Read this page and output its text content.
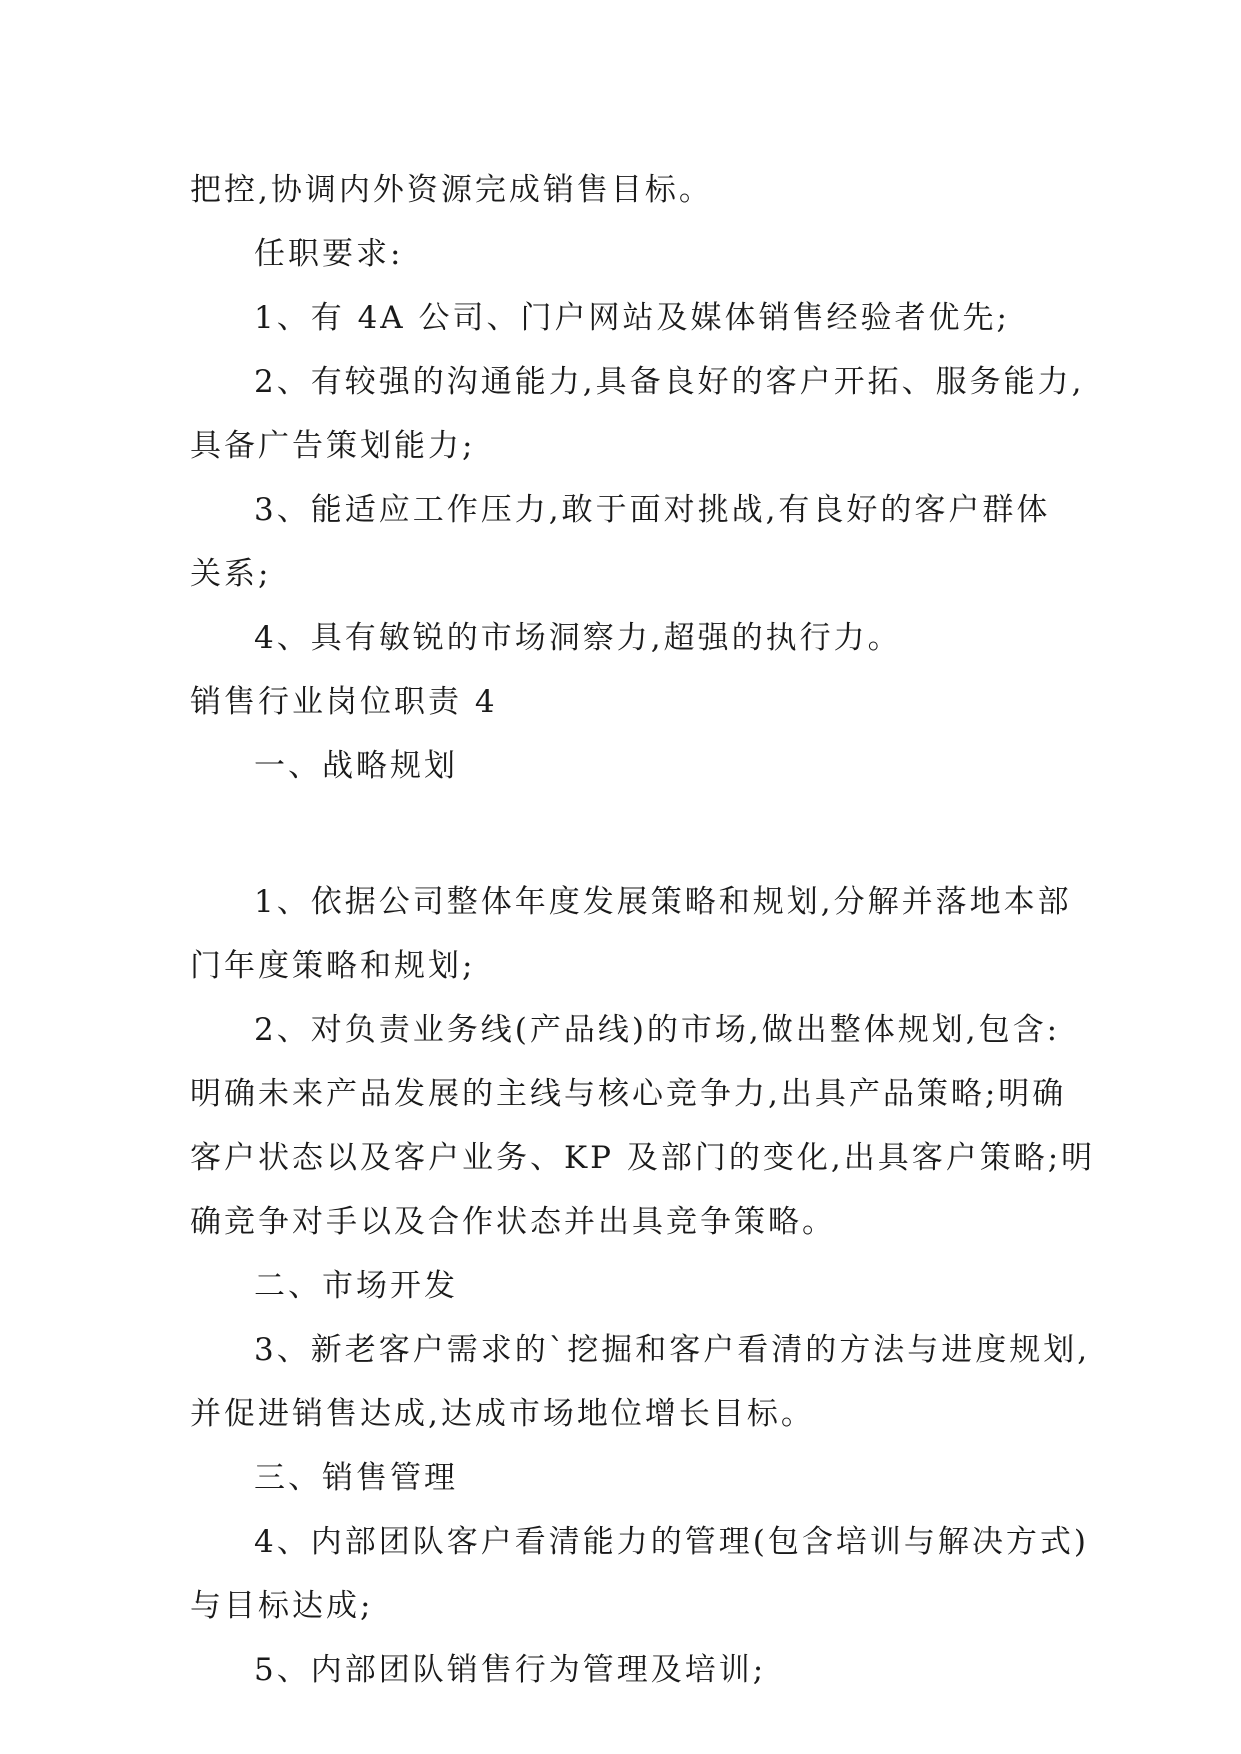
把控,协调内外资源完成销售目标。
任职要求:
1、有 4A 公司、门户网站及媒体销售经验者优先;
2、有较强的沟通能力,具备良好的客户开拓、服务能力,
具备广告策划能力;
3、能适应工作压力,敢于面对挑战,有良好的客户群体
关系;
4、具有敏锐的市场洞察力,超强的执行力。
销售行业岗位职责 4
一、战略规划
1、依据公司整体年度发展策略和规划,分解并落地本部
门年度策略和规划;
2、对负责业务线(产品线)的市场,做出整体规划,包含:
明确未来产品发展的主线与核心竞争力,出具产品策略;明确
客户状态以及客户业务、KP 及部门的变化,出具客户策略;明
确竞争对手以及合作状态并出具竞争策略。
二、市场开发
3、新老客户需求的`挖掘和客户看清的方法与进度规划,
并促进销售达成,达成市场地位增长目标。
三、销售管理
4、内部团队客户看清能力的管理(包含培训与解决方式)
与目标达成;
5、内部团队销售行为管理及培训;
